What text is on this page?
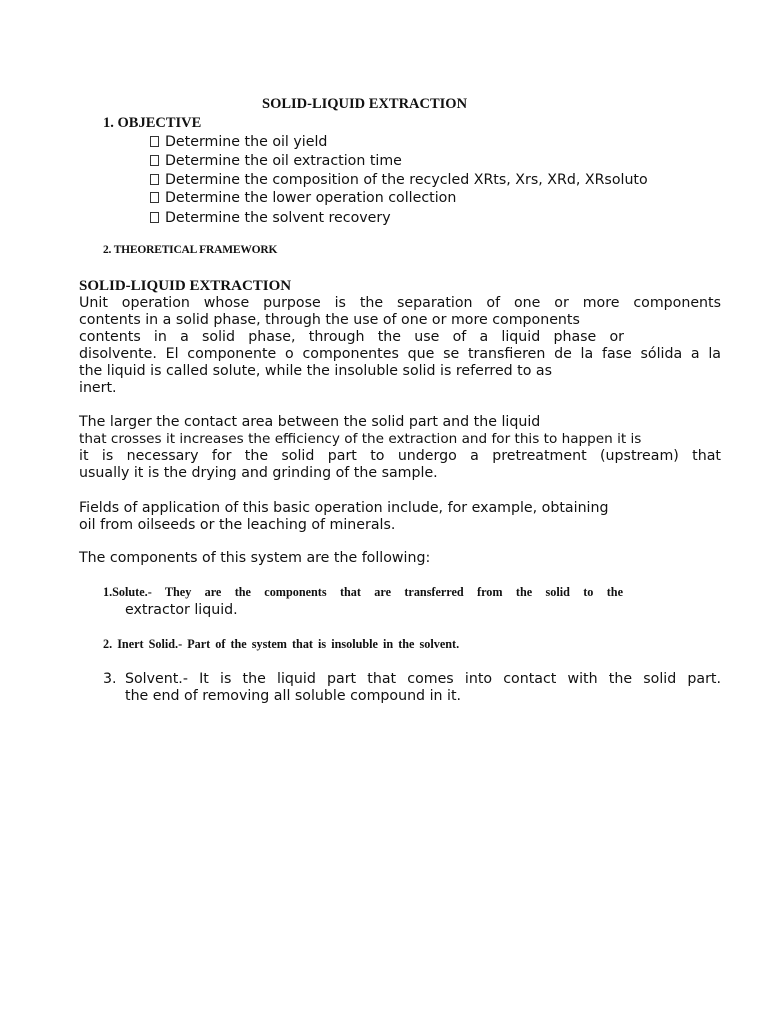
SOLID-LIQUID EXTRACTION
1. OBJECTIVE
Determine the oil yield
Determine the oil extraction time
Determine the composition of the recycled XRts, Xrs, XRd, XRsoluto
Determine the lower operation collection
Determine the solvent recovery
2. THEORETICAL FRAMEWORK
SOLID-LIQUID EXTRACTION
Unit operation whose purpose is the separation of one or more components
contents in a solid phase, through the use of one or more components
contents in a solid phase, through the use of a liquid phase or
disolvente. El componente o componentes que se transfieren de la fase sólida a la
the liquid is called solute, while the insoluble solid is referred to as
inert.
The larger the contact area between the solid part and the liquid
that crosses it increases the efficiency of the extraction and for this to happen it is
it is necessary for the solid part to undergo a pretreatment (upstream) that
usually it is the drying and grinding of the sample.
Fields of application of this basic operation include, for example, obtaining
oil from oilseeds or the leaching of minerals.
The components of this system are the following:
1.Solute.- They are the components that are transferred from the solid to the
extractor liquid.
2. Inert Solid.- Part of the system that is insoluble in the solvent.
3. Solvent.- It is the liquid part that comes into contact with the solid part.
the end of removing all soluble compound in it.
